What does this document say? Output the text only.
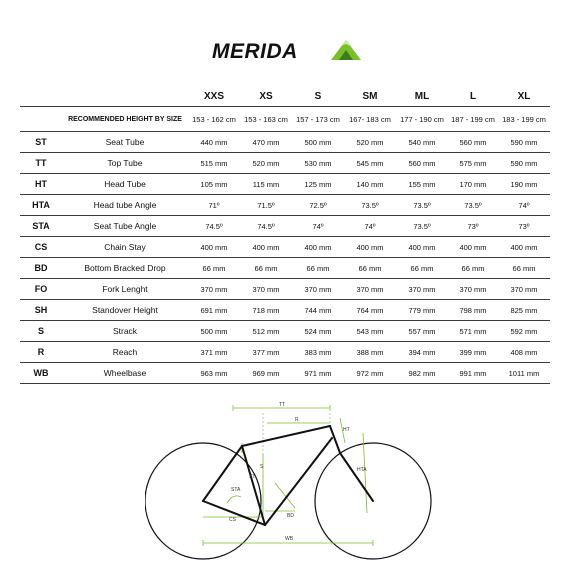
MERIDA
		XXS	XS	S	SM	ML	L	XL
	RECOMMENDED HEIGHT BY SIZE	153 - 162 cm	153 - 163 cm	157 - 173 cm	167- 183 cm	177 - 190 cm	187 - 199 cm	183 - 199 cm
ST	Seat Tube	440 mm	470 mm	500 mm	520 mm	540 mm	560 mm	590 mm
TT	Top Tube	515 mm	520 mm	530 mm	545 mm	560 mm	575 mm	590 mm
HT	Head Tube	105 mm	115 mm	125 mm	140 mm	155 mm	170 mm	190 mm
HTA	Head tube Angle	71º	71.5º	72.5º	73.5º	73.5º	73.5º	74º
STA	Seat Tube Angle	74.5º	74.5º	74º	74º	73.5º	73º	73º
CS	Chain Stay	400 mm	400 mm	400 mm	400 mm	400 mm	400 mm	400 mm
BD	Bottom Bracked Drop	66 mm	66 mm	66 mm	66 mm	66 mm	66 mm	66 mm
FO	Fork Lenght	370 mm	370 mm	370 mm	370 mm	370 mm	370 mm	370 mm
SH	Standover Height	691 mm	718 mm	744 mm	764 mm	779 mm	798 mm	825 mm
S	Strack	500 mm	512 mm	524 mm	543 mm	557 mm	571 mm	592 mm
R	Reach	371 mm	377 mm	383 mm	388 mm	394 mm	399 mm	408 mm
WB	Wheelbase	963 mm	969 mm	971 mm	972 mm	982 mm	991 mm	1011 mm
TT
R
S
ST
HT
STA
HTA
CS
BD
WB
